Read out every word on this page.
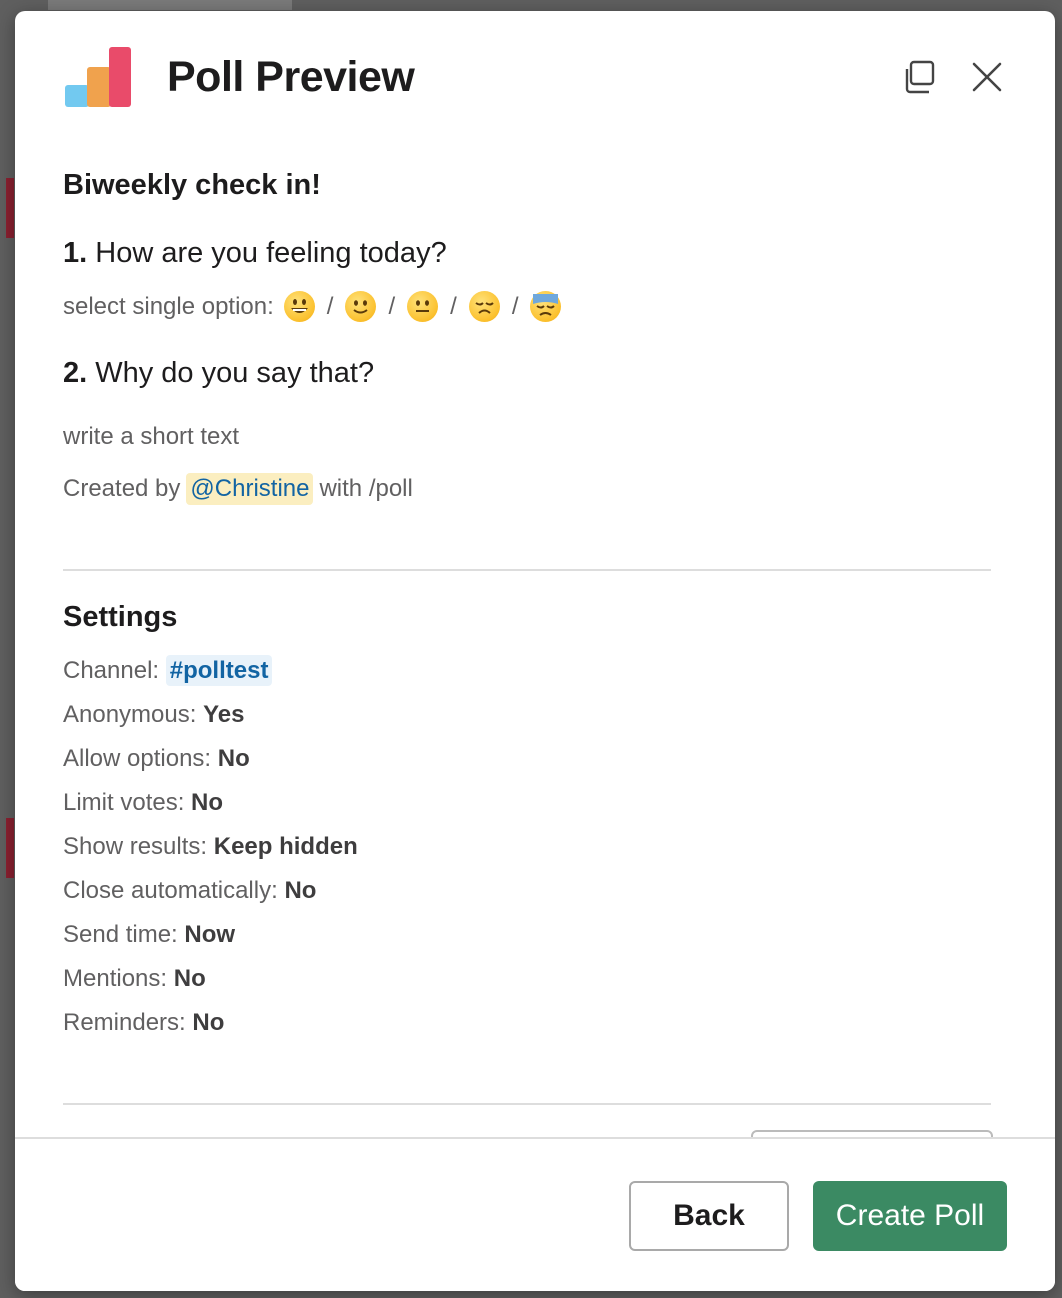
Poll Preview
Biweekly check in!

1. How are you feeling today?

select single option: / / / /

2. Why do you say that?

write a short text

Created by @Christine with /poll
Settings

Channel: #polltest

Anonymous: Yes

Allow options: No

Limit votes: No

Show results: Keep hidden

Close automatically: No

Send time: Now

Mentions: No

Reminders: No

Back	Create Poll
